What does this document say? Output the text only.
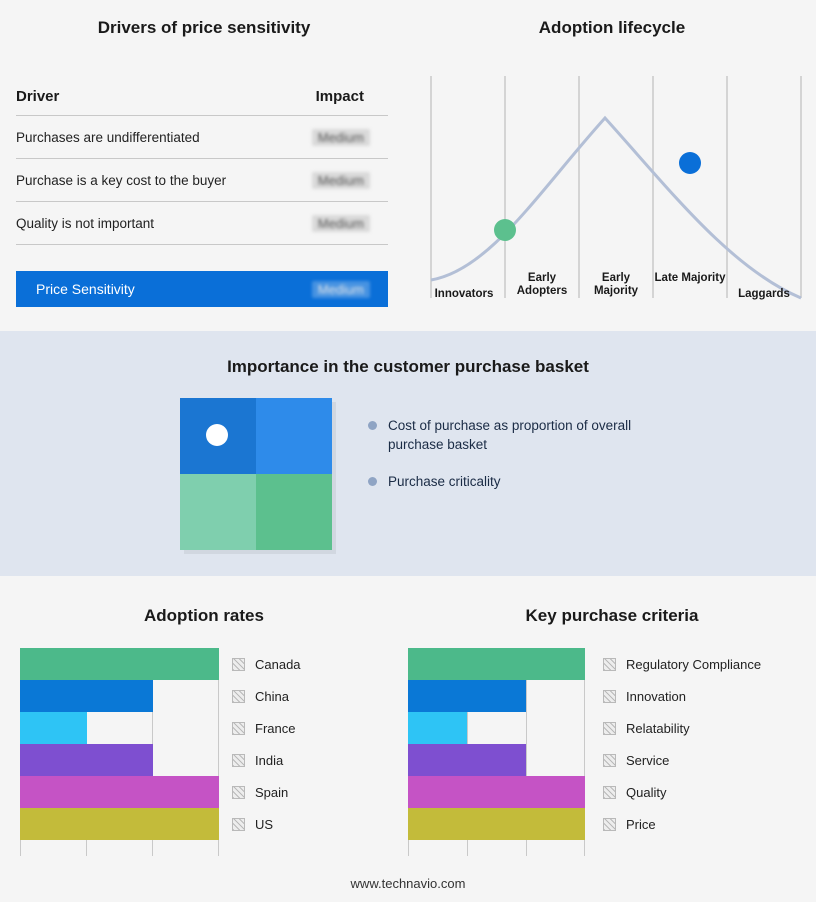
Drivers of price sensitivity
Driver	Impact
Purchases are undifferentiated	Medium
Purchase is a key cost to the buyer	Medium
Quality is not important	Medium
Price Sensitivity	Medium
Adoption lifecycle
Innovators
Early Adopters
Early Majority
Late Majority
Laggards
Importance in the customer purchase basket
Cost of purchase as proportion of overall purchase basket
Purchase criticality
Adoption rates
Canada
China
France
India
Spain
US
Key purchase criteria
Regulatory Compliance
Innovation
Relatability
Service
Quality
Price
www.technavio.com
